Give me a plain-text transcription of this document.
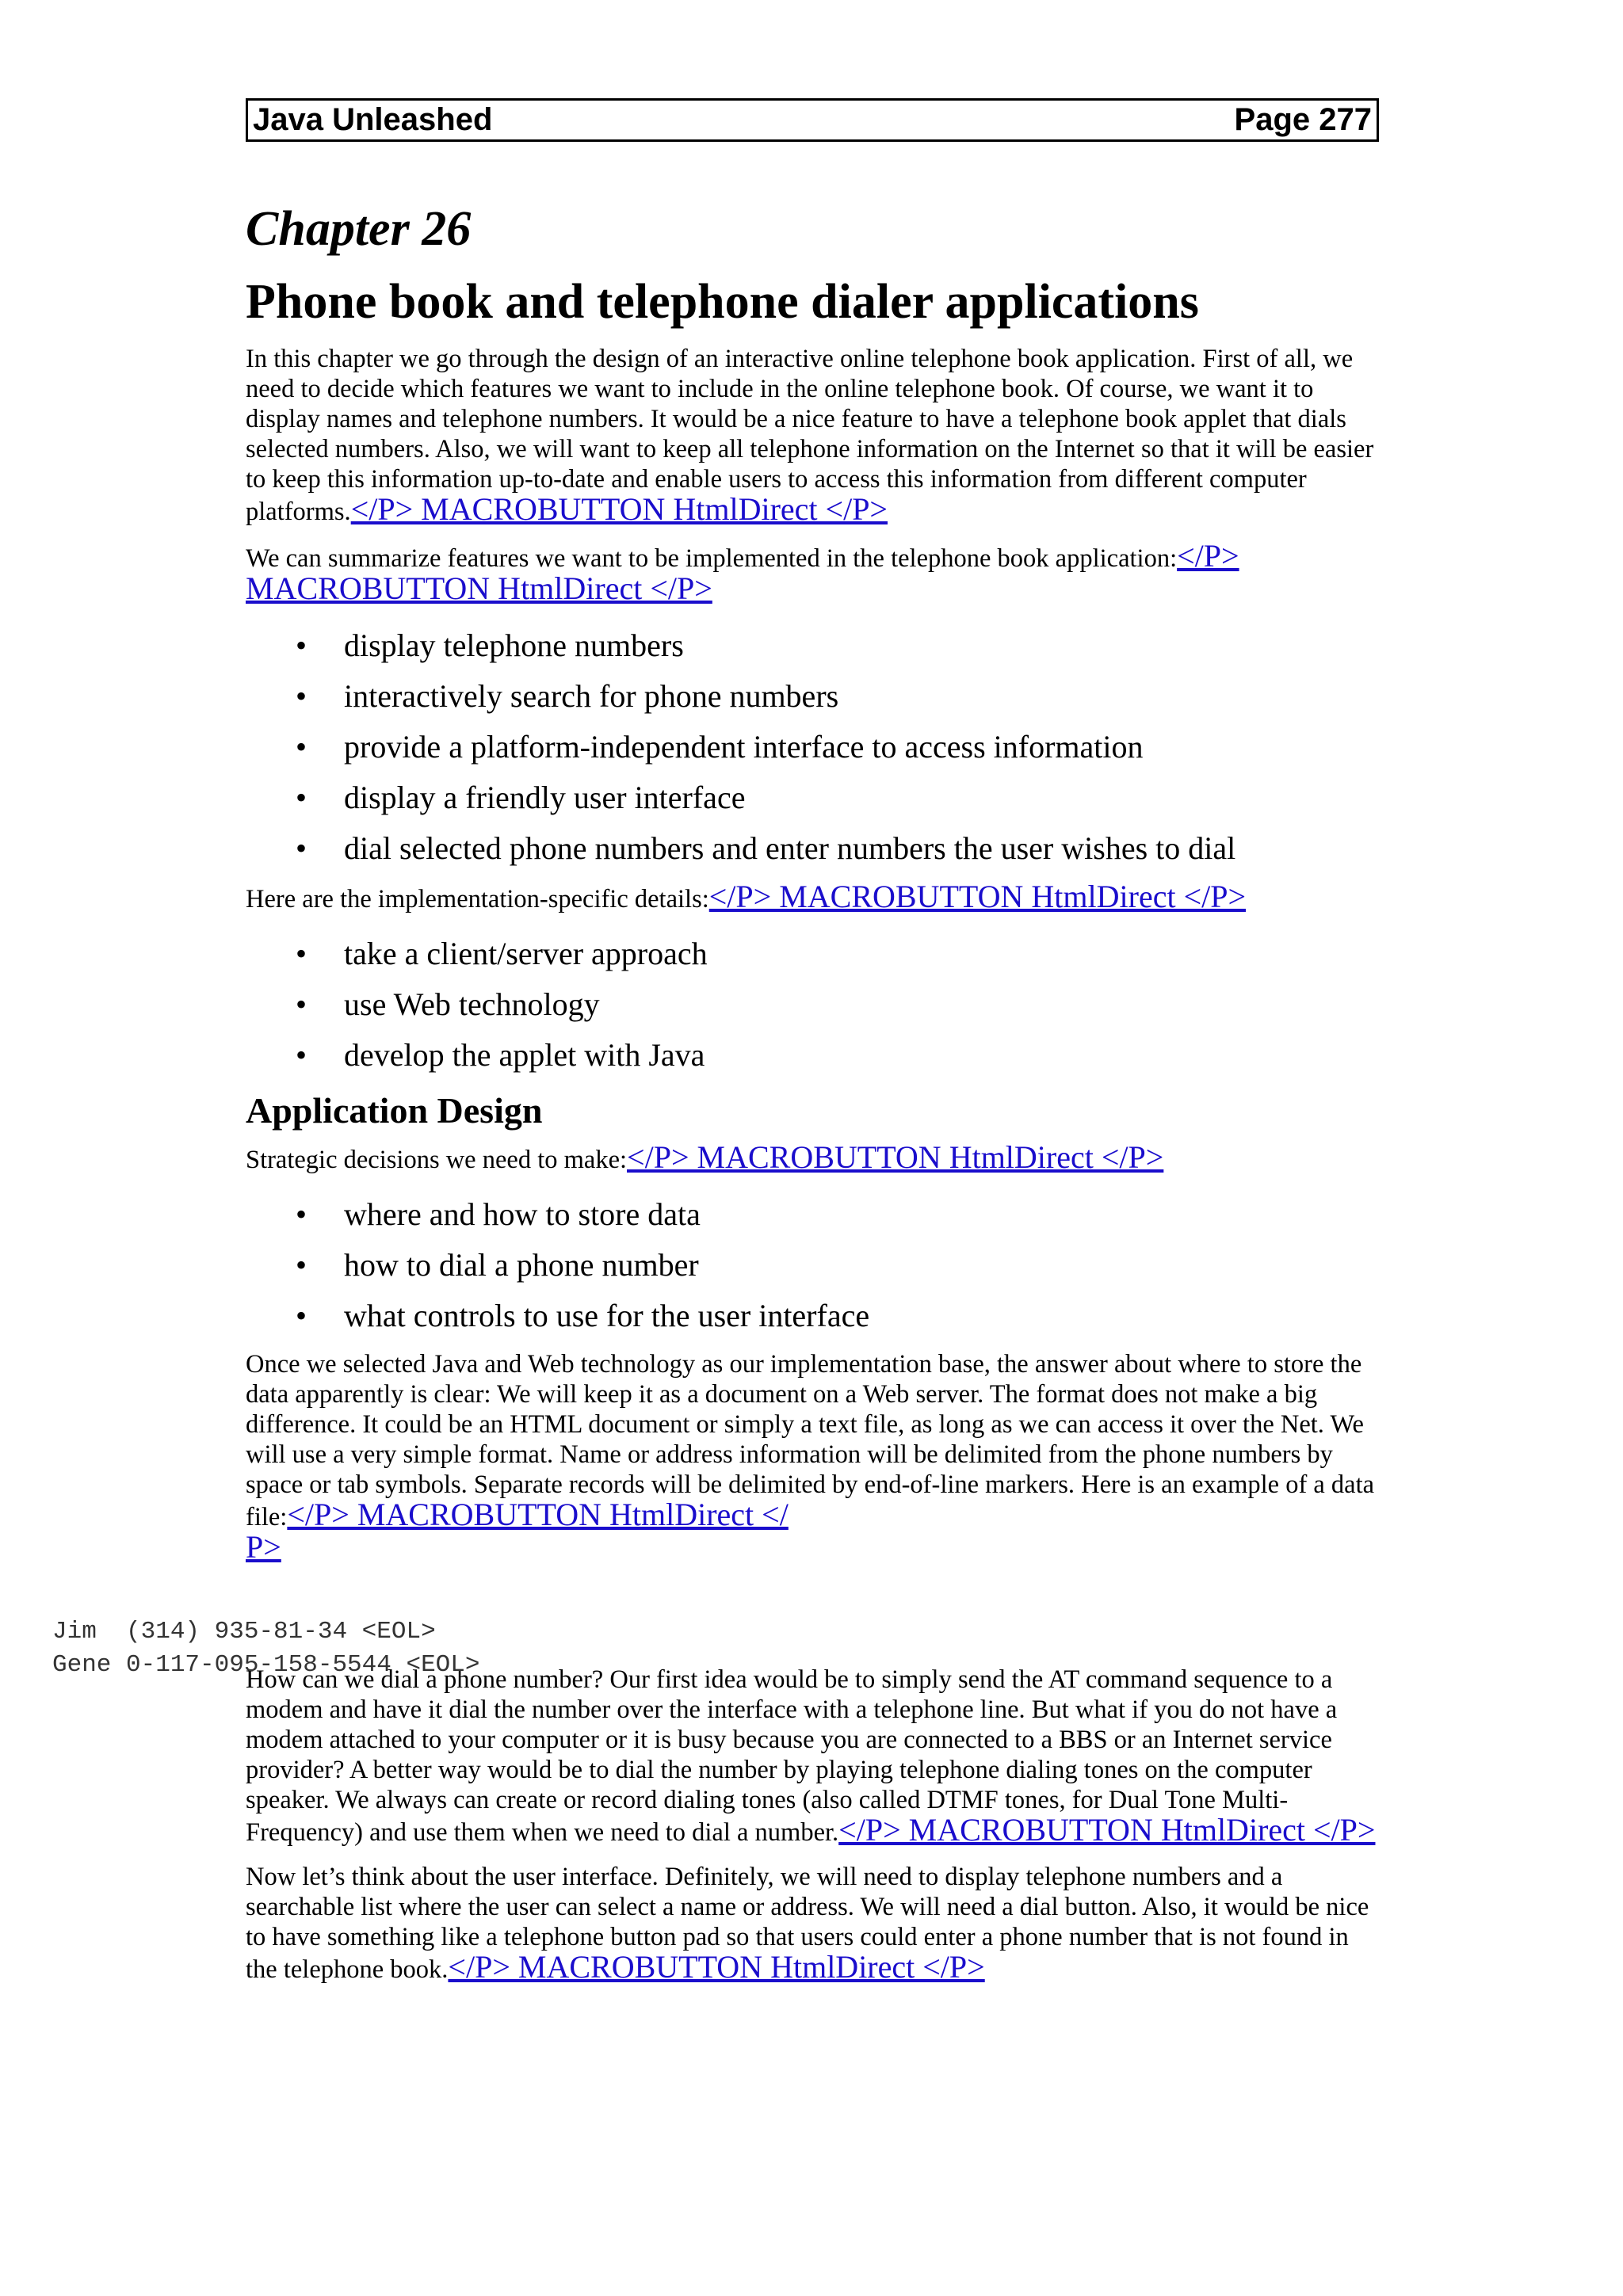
Java Unleashed	Page 277
Chapter 26
Phone book and telephone dialer applications

In this chapter we go through the design of an interactive online telephone book application. First of all, we need to decide which features we want to include in the online telephone book. Of course, we want it to display names and telephone numbers. It would be a nice feature to have a telephone book applet that dials selected numbers. Also, we will want to keep all telephone information on the Internet so that it will be easier to keep this information up-to-date and enable users to access this information from different computer platforms.</P> MACROBUTTON HtmlDirect </P>

We can summarize features we want to be implemented in the telephone book application:</P> MACROBUTTON HtmlDirect </P>

• display telephone numbers
• interactively search for phone numbers
• provide a platform-independent interface to access information
• display a friendly user interface
• dial selected phone numbers and enter numbers the user wishes to dial

Here are the implementation-specific details:</P> MACROBUTTON HtmlDirect </P>

• take a client/server approach
• use Web technology
• develop the applet with Java
Application Design

Strategic decisions we need to make:</P> MACROBUTTON HtmlDirect </P>

• where and how to store data
• how to dial a phone number
• what controls to use for the user interface

Once we selected Java and Web technology as our implementation base, the answer about where to store the data apparently is clear: We will keep it as a document on a Web server. The format does not make a big difference. It could be an HTML document or simply a text file, as long as we can access it over the Net. We will use a very simple format. Name or address information will be delimited from the phone numbers by space or tab symbols. Separate records will be delimited by end-of-line markers. Here is an example of a data file:</P> MACROBUTTON HtmlDirect </
P>

How can we dial a phone number? Our first idea would be to simply send the AT command sequence to a modem and have it dial the number over the interface with a telephone line. But what if you do not have a modem attached to your computer or it is busy because you are connected to a BBS or an Internet service provider? A better way would be to dial the number by playing telephone dialing tones on the computer speaker. We always can create or record dialing tones (also called DTMF tones, for Dual Tone Multi-Frequency) and use them when we need to dial a number.</P> MACROBUTTON HtmlDirect </P>

Now let’s think about the user interface. Definitely, we will need to display telephone numbers and a searchable list where the user can select a name or address. We will need a dial button. Also, it would be nice to have something like a telephone button pad so that users could enter a phone number that is not found in the telephone book.</P> MACROBUTTON HtmlDirect </P>

Jim  (314) 935-81-34 <EOL>
Gene 0-117-095-158-5544 <EOL>
